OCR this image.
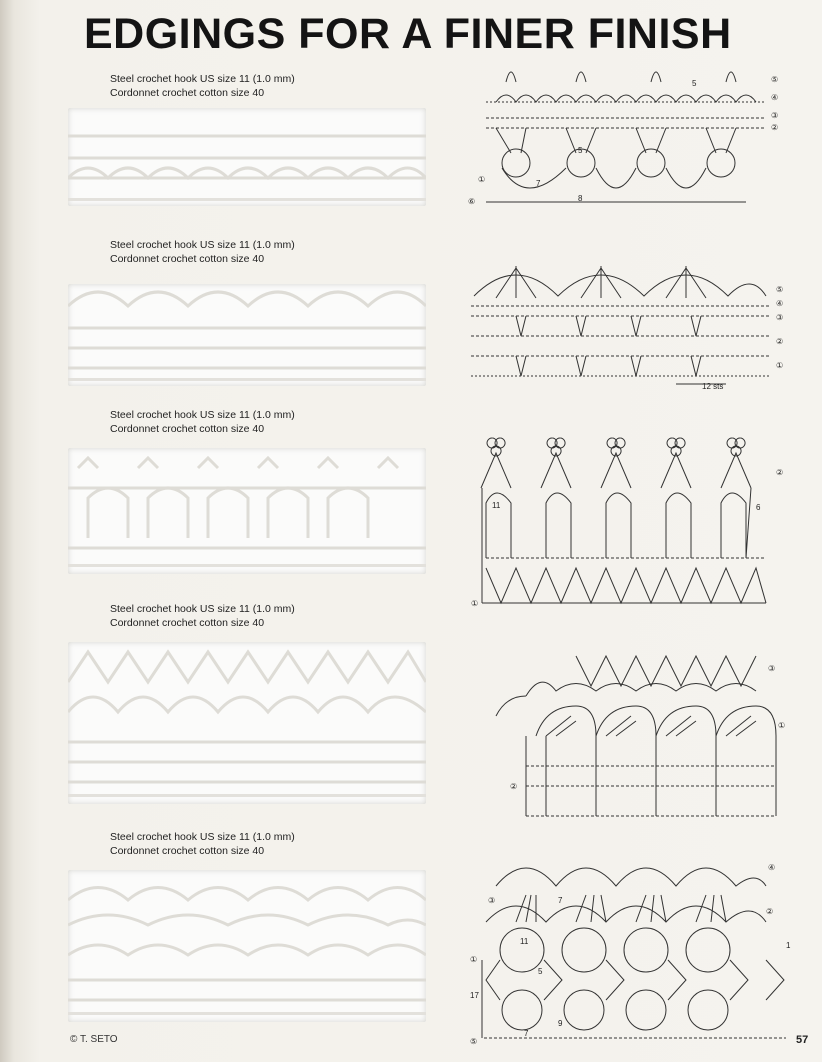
EDGINGS FOR A FINER FINISH
Steel crochet hook US size 11 (1.0 mm)
Cordonnet crochet cotton size 40
⑤
④
③
②
①
⑥
5
5
7
8
Steel crochet hook US size 11 (1.0 mm)
Cordonnet crochet cotton size 40
⑤
④
③
②
①
12 sts
Steel crochet hook US size 11 (1.0 mm)
Cordonnet crochet cotton size 40
②
①
11	6
Steel crochet hook US size 11 (1.0 mm)
Cordonnet crochet cotton size 40
③
①
②
Steel crochet hook US size 11 (1.0 mm)
Cordonnet crochet cotton size 40
④
③
②
①
⑤
7
11
5
17
9
7
1
© T. SETO	57
